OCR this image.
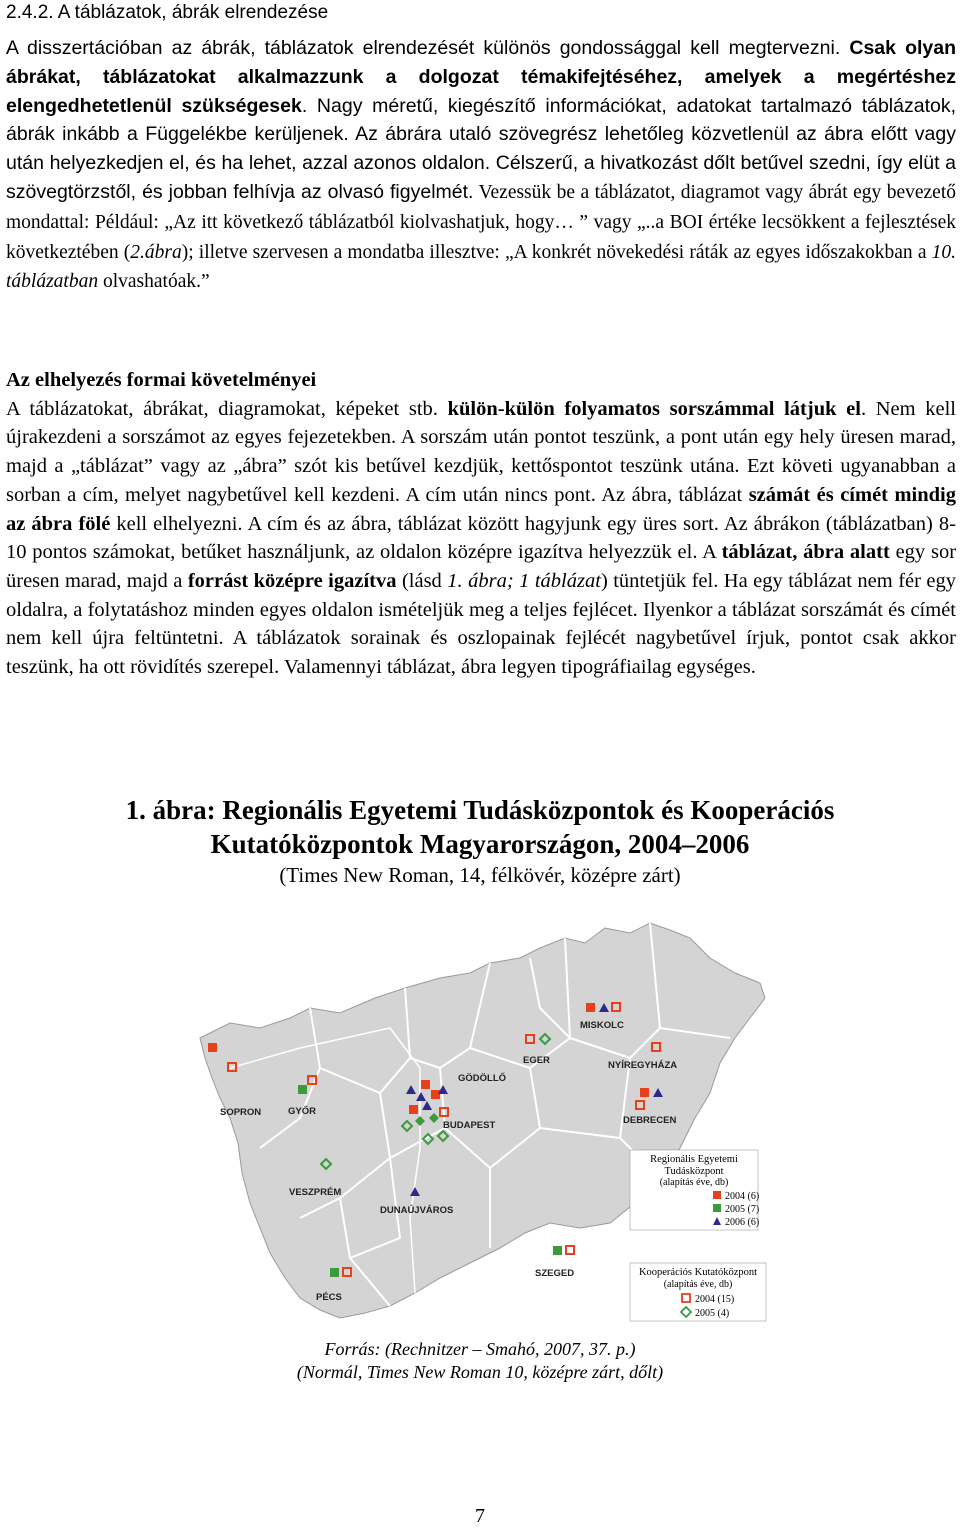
2.4.2. A táblázatok, ábrák elrendezése
A disszertációban az ábrák, táblázatok elrendezését különös gondossággal kell megtervezni. Csak olyan ábrákat, táblázatokat alkalmazzunk a dolgozat témakifejtéséhez, amelyek a megértéshez elengedhetetlenül szükségesek. Nagy méretű, kiegészítő információkat, adatokat tartalmazó táblázatok, ábrák inkább a Függelékbe kerüljenek. Az ábrára utaló szövegrész lehetőleg közvetlenül az ábra előtt vagy után helyezkedjen el, és ha lehet, azzal azonos oldalon. Célszerű, a hivatkozást dőlt betűvel szedni, így elüt a szövegtörzstől, és jobban felhívja az olvasó figyelmét. Vezessük be a táblázatot, diagramot vagy ábrát egy bevezető mondattal: Például: „Az itt következő táblázatból kiolvashatjuk, hogy… ” vagy „..a BOI értéke lecsökkent a fejlesztések következtében (2.ábra); illetve szervesen a mondatba illesztve: „A konkrét növekedési ráták az egyes időszakokban a 10. táblázatban olvashatóak.”
Az elhelyezés formai követelményei
A táblázatokat, ábrákat, diagramokat, képeket stb. külön-külön folyamatos sorszámmal látjuk el. Nem kell újrakezdeni a sorszámot az egyes fejezetekben. A sorszám után pontot teszünk, a pont után egy hely üresen marad, majd a „táblázat” vagy az „ábra” szót kis betűvel kezdjük, kettőspontot teszünk utána. Ezt követi ugyanabban a sorban a cím, melyet nagybetűvel kell kezdeni. A cím után nincs pont. Az ábra, táblázat számát és címét mindig az ábra fölé kell elhelyezni. A cím és az ábra, táblázat között hagyjunk egy üres sort. Az ábrákon (táblázatban) 8-10 pontos számokat, betűket használjunk, az oldalon középre igazítva helyezzük el. A táblázat, ábra alatt egy sor üresen marad, majd a forrást középre igazítva (lásd 1. ábra; 1 táblázat) tüntetjük fel. Ha egy táblázat nem fér egy oldalra, a folytatáshoz minden egyes oldalon ismételjük meg a teljes fejlécet. Ilyenkor a táblázat sorszámát és címét nem kell újra feltüntetni. A táblázatok sorainak és oszlopainak fejlécét nagybetűvel írjuk, pontot csak akkor teszünk, ha ott rövidítés szerepel. Valamennyi táblázat, ábra legyen tipográfiailag egységes.
1. ábra: Regionális Egyetemi Tudásközpontok és Kooperációs
Kutatóközpontok Magyarországon, 2004–2006
(Times New Roman, 14, félkövér, középre zárt)
MISKOLC
EGER	NYÍREGYHÁZA
GÖDÖLLŐ
SOPRON	GYŐR
BUDAPEST	DEBRECEN
VESZPRÉM
DUNAÚJVÁROS
SZEGED
PÉCS
Regionális Egyetemi
Tudásközpont
(alapítás éve, db)
2004 (6)
2005 (7)
2006 (6)
Kooperációs Kutatóközpont
(alapítás éve, db)
2004 (15)
2005 (4)
Forrás: (Rechnitzer – Smahó, 2007, 37. p.)
(Normál, Times New Roman 10, középre zárt, dőlt)
7
